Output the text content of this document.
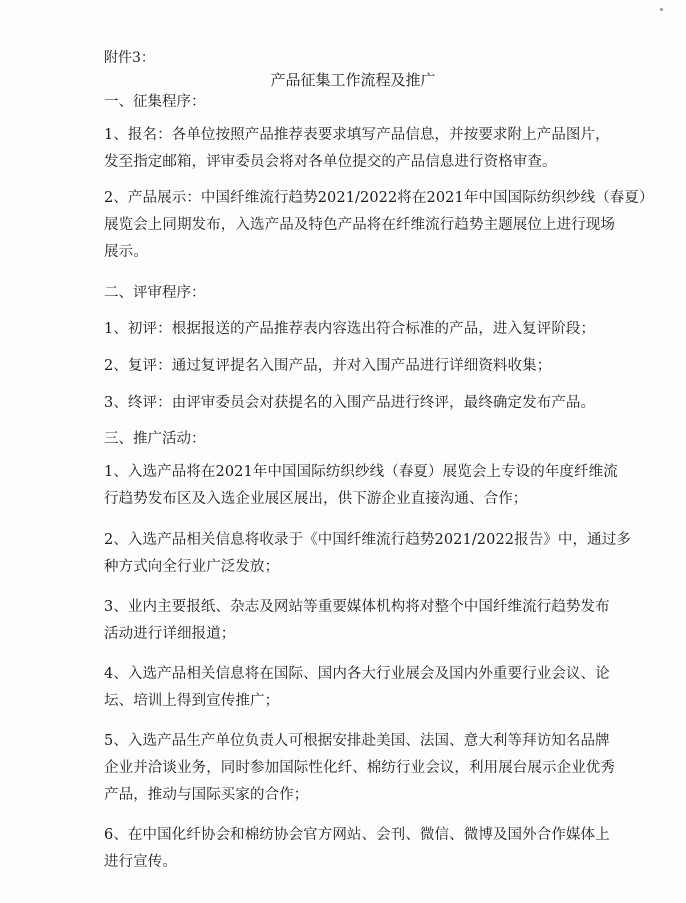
附件3：
产品征集工作流程及推广
一、征集程序：
1、报名：各单位按照产品推荐表要求填写产品信息，并按要求附上产品图片，
发至指定邮箱，评审委员会将对各单位提交的产品信息进行资格审查。
2、产品展示：中国纤维流行趋势2021/2022将在2021年中国国际纺织纱线（春夏）
展览会上同期发布，入选产品及特色产品将在纤维流行趋势主题展位上进行现场
展示。
二、评审程序：
1、初评：根据报送的产品推荐表内容选出符合标准的产品，进入复评阶段；
2、复评：通过复评提名入围产品，并对入围产品进行详细资料收集；
3、终评：由评审委员会对获提名的入围产品进行终评，最终确定发布产品。
三、推广活动：
1、入选产品将在2021年中国国际纺织纱线（春夏）展览会上专设的年度纤维流
行趋势发布区及入选企业展区展出，供下游企业直接沟通、合作；
2、入选产品相关信息将收录于《中国纤维流行趋势2021/2022报告》中，通过多
种方式向全行业广泛发放；
3、业内主要报纸、杂志及网站等重要媒体机构将对整个中国纤维流行趋势发布
活动进行详细报道；
4、入选产品相关信息将在国际、国内各大行业展会及国内外重要行业会议、论
坛、培训上得到宣传推广；
5、入选产品生产单位负责人可根据安排赴美国、法国、意大利等拜访知名品牌
企业并洽谈业务，同时参加国际性化纤、棉纺行业会议，利用展台展示企业优秀
产品，推动与国际买家的合作；
6、在中国化纤协会和棉纺协会官方网站、会刊、微信、微博及国外合作媒体上
进行宣传。
